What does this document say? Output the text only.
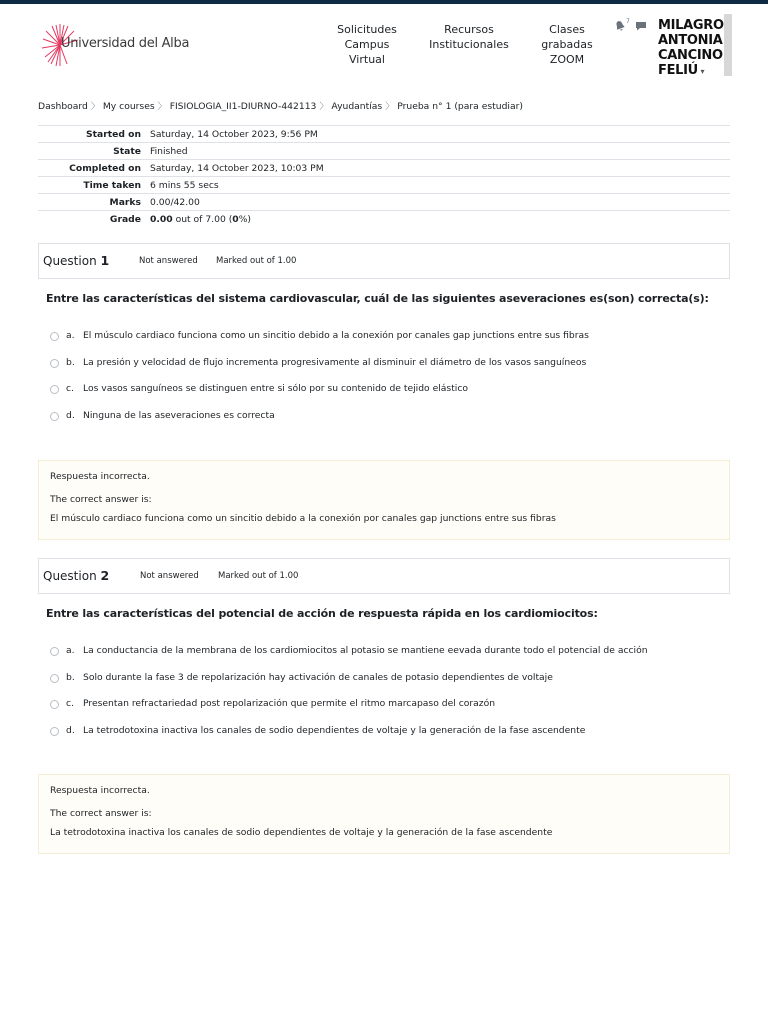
Universidad del Alba
Solicitudes
Campus
Virtual
Recursos
Institucionales
Clases
grabadas
ZOOM
7 MILAGRO ANTONIA CANCINO FELIÚ ▾
Dashboard 〉 My courses 〉 FISIOLOGIA_II1-DIURNO-442113 〉 Ayudantías 〉 Prueba n° 1 (para estudiar)
Started on	Saturday, 14 October 2023, 9:56 PM
State	Finished
Completed on	Saturday, 14 October 2023, 10:03 PM
Time taken	6 mins 55 secs
Marks	0.00/42.00
Grade	0.00 out of 7.00 (0%)
Question 1	Not answered Marked out of 1.00
Entre las características del sistema cardiovascular, cuál de las siguientes aseveraciones es(son) correcta(s):
a. El músculo cardiaco funciona como un sincitio debido a la conexión por canales gap junctions entre sus fibras
b. La presión y velocidad de flujo incrementa progresivamente al disminuir el diámetro de los vasos sanguíneos
c. Los vasos sanguíneos se distinguen entre si sólo por su contenido de tejido elástico
d. Ninguna de las aseveraciones es correcta
Respuesta incorrecta.
The correct answer is:
El músculo cardiaco funciona como un sincitio debido a la conexión por canales gap junctions entre sus fibras
Question 2	Not answered Marked out of 1.00
Entre las características del potencial de acción de respuesta rápida en los cardiomiocitos:
a. La conductancia de la membrana de los cardiomiocitos al potasio se mantiene eevada durante todo el potencial de acción
b. Solo durante la fase 3 de repolarización hay activación de canales de potasio dependientes de voltaje
c. Presentan refractariedad post repolarización que permite el ritmo marcapaso del corazón
d. La tetrodotoxina inactiva los canales de sodio dependientes de voltaje y la generación de la fase ascendente
Respuesta incorrecta.
The correct answer is:
La tetrodotoxina inactiva los canales de sodio dependientes de voltaje y la generación de la fase ascendente
